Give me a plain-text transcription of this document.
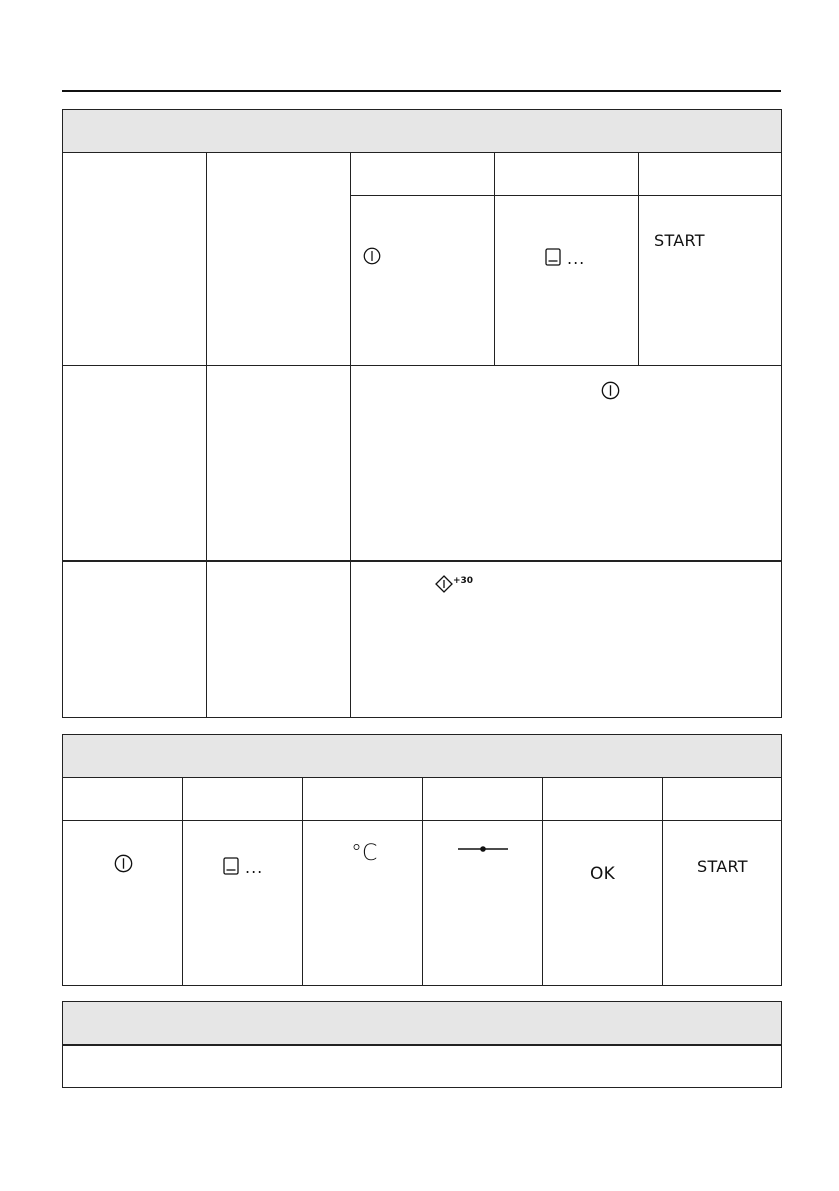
...
START
+30
...
°C
OK	START
